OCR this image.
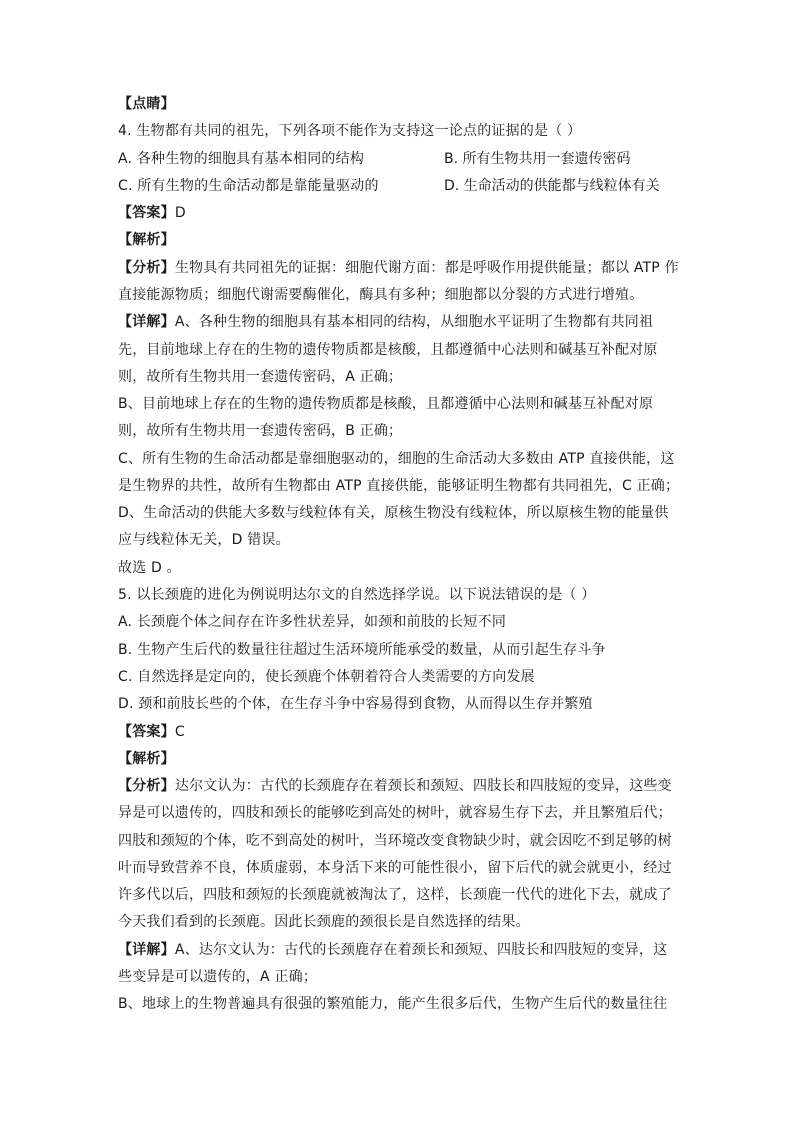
【点睛】
4. 生物都有共同的祖先，下列各项不能作为支持这一论点的证据的是（ ）
A. 各种生物的细胞具有基本相同的结构	B. 所有生物共用一套遗传密码
C. 所有生物的生命活动都是靠能量驱动的	D. 生命活动的供能都与线粒体有关
【答案】D
【解析】
【分析】生物具有共同祖先的证据：细胞代谢方面：都是呼吸作用提供能量；都以 ATP 作
直接能源物质；细胞代谢需要酶催化，酶具有多种；细胞都以分裂的方式进行增殖。
【详解】A、各种生物的细胞具有基本相同的结构，从细胞水平证明了生物都有共同祖
先，目前地球上存在的生物的遗传物质都是核酸，且都遵循中心法则和碱基互补配对原
则，故所有生物共用一套遗传密码，A 正确；
B、目前地球上存在的生物的遗传物质都是核酸，且都遵循中心法则和碱基互补配对原
则，故所有生物共用一套遗传密码，B 正确；
C、所有生物的生命活动都是靠细胞驱动的，细胞的生命活动大多数由 ATP 直接供能，这
是生物界的共性，故所有生物都由 ATP 直接供能，能够证明生物都有共同祖先，C 正确；
D、生命活动的供能大多数与线粒体有关，原核生物没有线粒体，所以原核生物的能量供
应与线粒体无关，D 错误。
故选 D 。
5. 以长颈鹿的进化为例说明达尔文的自然选择学说。以下说法错误的是（ ）
A. 长颈鹿个体之间存在许多性状差异，如颈和前肢的长短不同
B. 生物产生后代的数量往往超过生活环境所能承受的数量，从而引起生存斗争
C. 自然选择是定向的，使长颈鹿个体朝着符合人类需要的方向发展
D. 颈和前肢长些的个体，在生存斗争中容易得到食物，从而得以生存并繁殖
【答案】C
【解析】
【分析】达尔文认为：古代的长颈鹿存在着颈长和颈短、四肢长和四肢短的变异，这些变
异是可以遗传的，四肢和颈长的能够吃到高处的树叶，就容易生存下去，并且繁殖后代；
四肢和颈短的个体，吃不到高处的树叶，当环境改变食物缺少时，就会因吃不到足够的树
叶而导致营养不良，体质虚弱，本身活下来的可能性很小，留下后代的就会就更小，经过
许多代以后，四肢和颈短的长颈鹿就被淘汰了，这样，长颈鹿一代代的进化下去，就成了
今天我们看到的长颈鹿。因此长颈鹿的颈很长是自然选择的结果。
【详解】A、达尔文认为：古代的长颈鹿存在着颈长和颈短、四肢长和四肢短的变异，这
些变异是可以遗传的，A 正确；
B、地球上的生物普遍具有很强的繁殖能力，能产生很多后代，生物产生后代的数量往往
